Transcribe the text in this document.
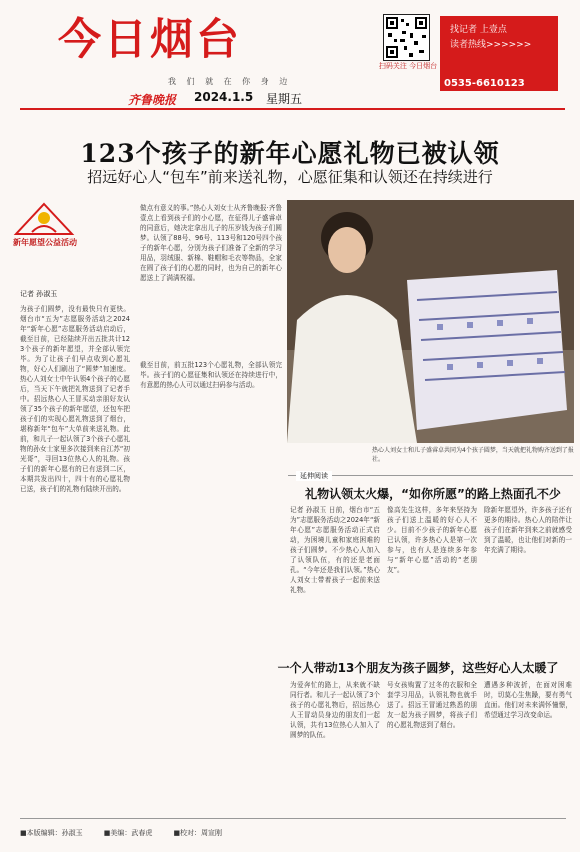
今日烟台
我 们 就 在 你 身 边
齐鲁晚报 2024.1.5 星期五
扫码关注 今日烟台
找记者 上壹点
读者热线>>>>>>
0535-6610123
123个孩子的新年心愿礼物已被认领
招远好心人“包车”前来送礼物，心愿征集和认领还在持续进行
新年愿望公益活动
记者 孙淑玉
为孩子们圆梦，没有最快只有更快。烟台市“五为”志愿服务活动之2024年“新年心愿”志愿服务活动启动后，截至目前，已经陆续开出五批共计123个孩子的新年愿望，并全部认领完毕。为了让孩子们早点收到心愿礼物，好心人们刷出了“圆梦”加速度。热心人刘女士中午认领4个孩子的心愿后，当天下午就把礼物送到了记者手中。招远热心人王冒买动亲朋好友认领了35个孩子的新年愿望，还包车把孩子们的实现心愿礼物送到了烟台，堪称新年“包车”大单前来送礼物。此前，和儿子一起认领了3个孩子心愿礼物的孙女士家里多次接到来自江苏“初光哥”，寻回13位热心人的礼物。孩子们的新年心愿有的已有送到二区，本期共发出四十，四十有的心愿礼物已送，孩子们的礼物有陆续开出的。
做点有意义的事。”热心人刘女士从齐鲁晚报·齐鲁壹点上看到孩子们的小心愿，在征得儿子盛睿卓的同意后，她决定拿出儿子的压岁钱为孩子们圆梦。认领了88号、96号、113号和120号四个孩子的新年心愿，分别为孩子们准备了全新的学习用品，羽绒服、新棉、鞋帽和毛衣等物品，全家在圆了孩子们的心愿的同时，也为自己的新年心愿送上了满满祝福。
截至目前，前五批123个心愿礼物，全部认领完毕。孩子们的心愿征集和认领还在持续进行中，有意愿的热心人可以通过扫码参与活动。
热心人刘女士和儿子盛睿卓共同为4个孩子圆梦，当天就把礼物购齐送到了报社。
延伸阅读
礼物认领太火爆，“如你所愿”的路上热面孔不少
记者 孙淑玉 日前，烟台市“五为”志愿服务活动之2024年“新年心愿”志愿服务活动正式启动，为困境儿童和家庭困难的孩子们圆梦。不少热心人加入了认领队伍，有的还是老面孔。“今年还是我们认领。”热心人刘女士带着孩子一起前来送礼物。
像高先生这样，多年来坚持为孩子们送上温暖的好心人不少。目前不少孩子的新年心愿已认领，许多热心人是第一次参与，也有人是连续多年参与“新年心愿”活动的“老朋友”。
除新年愿望外，许多孩子还有更多的期待。热心人的陪伴让孩子们在新年到来之前就感受到了温暖，也让他们对新的一年充满了期待。
一个人带动13个朋友为孩子圆梦，这些好心人太暖了
为爱奔忙的路上，从来就不缺同行者。和儿子一起认领了3个孩子的心愿礼物后，招远热心人王冒动员身边的朋友们一起认领，共有13位热心人加入了圆梦的队伍。
号女孩购置了过冬的衣服和全套学习用品，认领礼物也就手送了。招远王冒通过熟悉的朋友一起为孩子圆梦，将孩子们的心愿礼物送到了烟台。
遭遇多种波折，在面对困难时，切莫心生焦躁，要有勇气直面。他们对未来满怀憧憬，希望通过学习改变命运。
■本版编辑：孙淑玉	■美编：武春虎	■校对：周宣刚
